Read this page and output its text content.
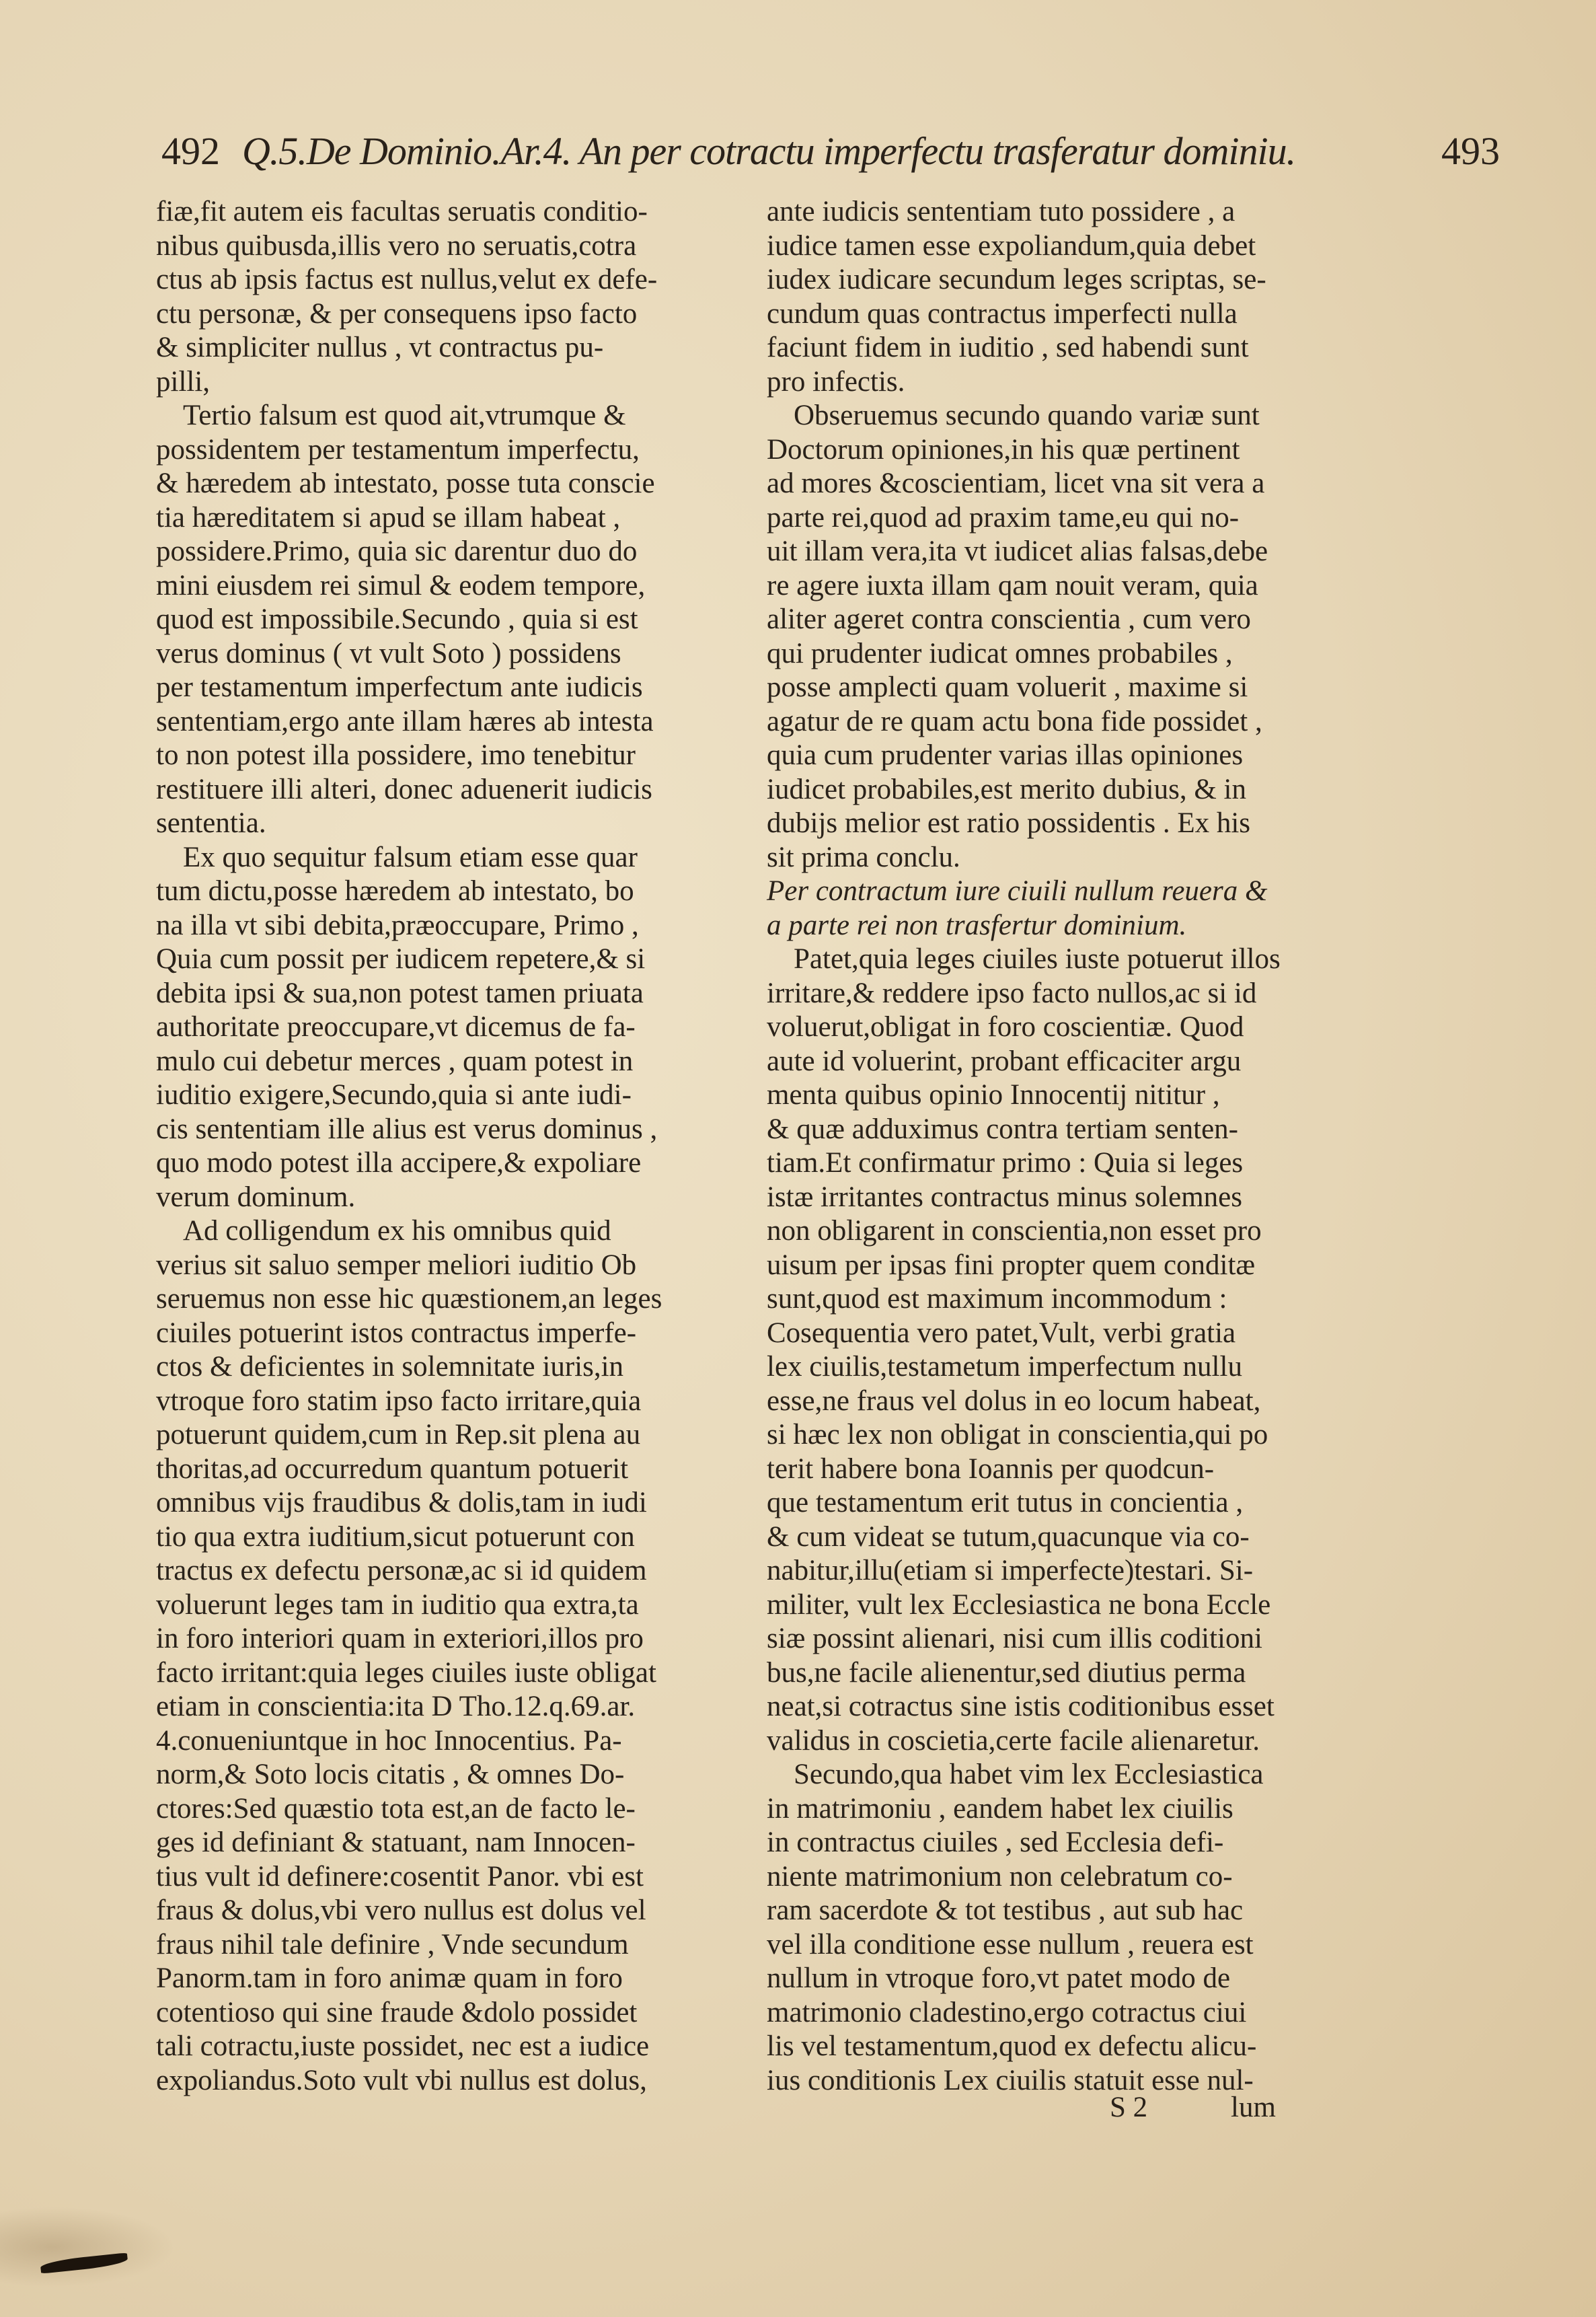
492 Q.5.De Dominio.Ar.4. An per cotractu imperfectu trasferatur dominiu.	493
fiæ,fit autem eis facultas seruatis conditio-
nibus quibusda,illis vero no seruatis,cotra
ctus ab ipsis factus est nullus,velut ex defe-
ctu personæ, & per consequens ipso facto
& simpliciter nullus , vt contractus pu-
pilli,
Tertio falsum est quod ait,vtrumque &
possidentem per testamentum imperfectu,
& hæredem ab intestato, posse tuta conscie
tia hæreditatem si apud se illam habeat ,
possidere.Primo, quia sic darentur duo do
mini eiusdem rei simul & eodem tempore,
quod est impossibile.Secundo , quia si est
verus dominus ( vt vult Soto ) possidens
per testamentum imperfectum ante iudicis
sententiam,ergo ante illam hæres ab intesta
to non potest illa possidere, imo tenebitur
restituere illi alteri, donec aduenerit iudicis
sententia.
Ex quo sequitur falsum etiam esse quar
tum dictu,posse hæredem ab intestato, bo
na illa vt sibi debita,præoccupare, Primo ,
Quia cum possit per iudicem repetere,& si
debita ipsi & sua,non potest tamen priuata
authoritate preoccupare,vt dicemus de fa-
mulo cui debetur merces , quam potest in
iuditio exigere,Secundo,quia si ante iudi-
cis sententiam ille alius est verus dominus ,
quo modo potest illa accipere,& expoliare
verum dominum.
Ad colligendum ex his omnibus quid
verius sit saluo semper meliori iuditio Ob
seruemus non esse hic quæstionem,an leges
ciuiles potuerint istos contractus imperfe-
ctos & deficientes in solemnitate iuris,in
vtroque foro statim ipso facto irritare,quia
potuerunt quidem,cum in Rep.sit plena au
thoritas,ad occurredum quantum potuerit
omnibus vijs fraudibus & dolis,tam in iudi
tio qua extra iuditium,sicut potuerunt con
tractus ex defectu personæ,ac si id quidem
voluerunt leges tam in iuditio qua extra,ta
in foro interiori quam in exteriori,illos pro
facto irritant:quia leges ciuiles iuste obligat
etiam in conscientia:ita D Tho.12.q.69.ar.
4.conueniuntque in hoc Innocentius. Pa-
norm,& Soto locis citatis , & omnes Do-
ctores:Sed quæstio tota est,an de facto le-
ges id definiant & statuant, nam Innocen-
tius vult id definere:cosentit Panor. vbi est
fraus & dolus,vbi vero nullus est dolus vel
fraus nihil tale definire , Vnde secundum
Panorm.tam in foro animæ quam in foro
cotentioso qui sine fraude &dolo possidet
tali cotractu,iuste possidet, nec est a iudice
expoliandus.Soto vult vbi nullus est dolus,
ante iudicis sententiam tuto possidere , a
iudice tamen esse expoliandum,quia debet
iudex iudicare secundum leges scriptas, se-
cundum quas contractus imperfecti nulla
faciunt fidem in iuditio , sed habendi sunt
pro infectis.
Obseruemus secundo quando variæ sunt
Doctorum opiniones,in his quæ pertinent
ad mores &coscientiam, licet vna sit vera a
parte rei,quod ad praxim tame,eu qui no-
uit illam vera,ita vt iudicet alias falsas,debe
re agere iuxta illam qam nouit veram, quia
aliter ageret contra conscientia , cum vero
qui prudenter iudicat omnes probabiles ,
posse amplecti quam voluerit , maxime si
agatur de re quam actu bona fide possidet ,
quia cum prudenter varias illas opiniones
iudicet probabiles,est merito dubius, & in
dubijs melior est ratio possidentis . Ex his
sit prima conclu.
Per contractum iure ciuili nullum reuera &
a parte rei non trasfertur dominium.
Patet,quia leges ciuiles iuste potuerut illos
irritare,& reddere ipso facto nullos,ac si id
voluerut,obligat in foro coscientiæ. Quod
aute id voluerint, probant efficaciter argu
menta quibus opinio Innocentij nititur ,
& quæ adduximus contra tertiam senten-
tiam.Et confirmatur primo : Quia si leges
istæ irritantes contractus minus solemnes
non obligarent in conscientia,non esset pro
uisum per ipsas fini propter quem conditæ
sunt,quod est maximum incommodum :
Cosequentia vero patet,Vult, verbi gratia
lex ciuilis,testametum imperfectum nullu
esse,ne fraus vel dolus in eo locum habeat,
si hæc lex non obligat in conscientia,qui po
terit habere bona Ioannis per quodcun-
que testamentum erit tutus in concientia ,
& cum videat se tutum,quacunque via co-
nabitur,illu(etiam si imperfecte)testari. Si-
militer, vult lex Ecclesiastica ne bona Eccle
siæ possint alienari, nisi cum illis coditioni
bus,ne facile alienentur,sed diutius perma
neat,si cotractus sine istis coditionibus esset
validus in coscietia,certe facile alienaretur.
Secundo,qua habet vim lex Ecclesiastica
in matrimoniu , eandem habet lex ciuilis
in contractus ciuiles , sed Ecclesia defi-
niente matrimonium non celebratum co-
ram sacerdote & tot testibus , aut sub hac
vel illa conditione esse nullum , reuera est
nullum in vtroque foro,vt patet modo de
matrimonio cladestino,ergo cotractus ciui
lis vel testamentum,quod ex defectu alicu-
ius conditionis Lex ciuilis statuit esse nul-
S 2	lum
